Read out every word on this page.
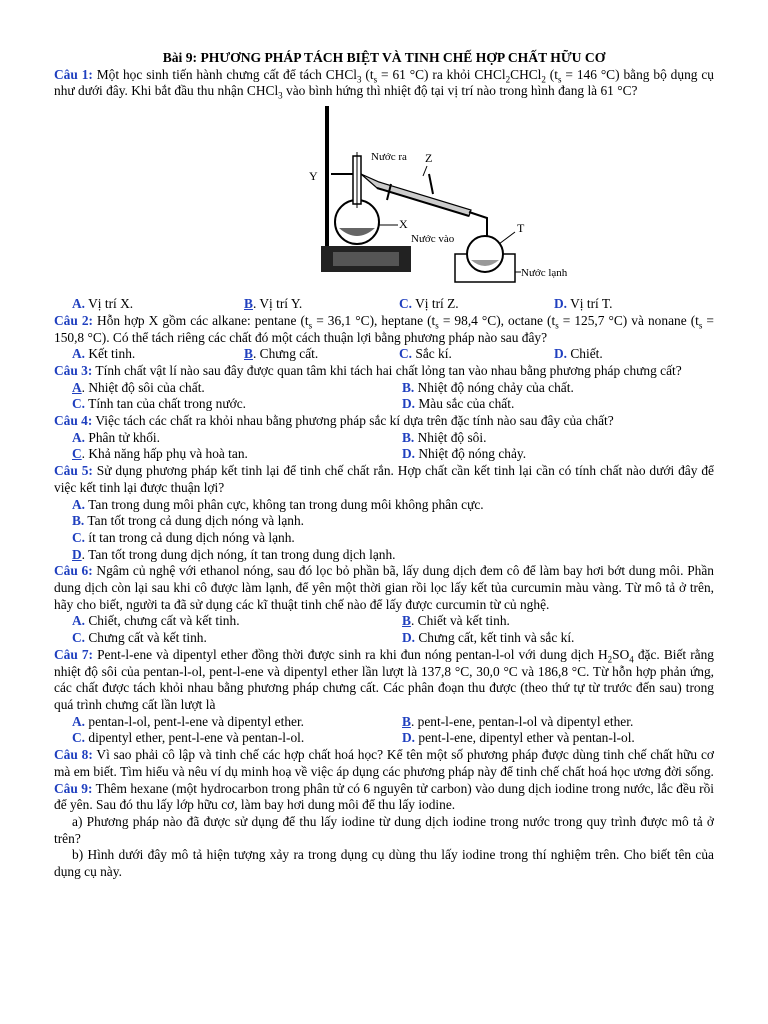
Bài 9: PHƯƠNG PHÁP TÁCH BIỆT VÀ TINH CHẾ HỢP CHẤT HỮU CƠ
Câu 1: Một học sinh tiến hành chưng cất để tách CHCl$_3$ ($t_s = 61$ °C) ra khỏi CHCl$_2$CHCl$_2$ ($t_s = 146$ °C) bằng bộ dụng cụ như dưới đây. Khi bắt đầu thu nhận CHCl$_3$ vào bình hứng thì nhiệt độ tại vị trí nào trong hình đang là 61 °C?
Y
Nước ra Z
X
Nước vào
T
Nước lạnh
A. Vị trí X.	B. Vị trí Y.	C. Vị trí Z.	D. Vị trí T.
Câu 2: Hỗn hợp X gồm các alkane: pentane ($t_s = 36,1$ °C), heptane ($t_s = 98,4$ °C), octane ($t_s = 125,7$ °C) và nonane ($t_s = 150,8$ °C). Có thể tách riêng các chất đó một cách thuận lợi bằng phương pháp nào sau đây?
A. Kết tinh.	B. Chưng cất.	C. Sắc kí.	D. Chiết.
Câu 3: Tính chất vật lí nào sau đây được quan tâm khi tách hai chất lỏng tan vào nhau bằng phương pháp chưng cất?
A. Nhiệt độ sôi của chất.	B. Nhiệt độ nóng chảy của chất.
C. Tính tan của chất trong nước.	D. Màu sắc của chất.
Câu 4: Việc tách các chất ra khỏi nhau bằng phương pháp sắc kí dựa trên đặc tính nào sau đây của chất?
A. Phân tử khối.	B. Nhiệt độ sôi.
C. Khả năng hấp phụ và hoà tan.	D. Nhiệt độ nóng chảy.
Câu 5: Sử dụng phương pháp kết tinh lại để tinh chế chất rắn. Hợp chất cần kết tinh lại cần có tính chất nào dưới đây để việc kết tinh lại được thuận lợi?
A. Tan trong dung môi phân cực, không tan trong dung môi không phân cực.
B. Tan tốt trong cả dung dịch nóng và lạnh.
C. ít tan trong cả dung dịch nóng và lạnh.
D. Tan tốt trong dung dịch nóng, ít tan trong dung dịch lạnh.
Câu 6: Ngâm củ nghệ với ethanol nóng, sau đó lọc bỏ phần bã, lấy dung dịch đem cô để làm bay hơi bớt dung môi. Phần dung dịch còn lại sau khi cô được làm lạnh, để yên một thời gian rồi lọc lấy kết tủa curcumin màu vàng. Từ mô tả ở trên, hãy cho biết, người ta đã sử dụng các kĩ thuật tinh chế nào để lấy được curcumin từ củ nghệ.
A. Chiết, chưng cất và kết tinh.	B. Chiết và kết tinh.
C. Chưng cất và kết tinh.	D. Chưng cất, kết tinh và sắc kí.
Câu 7: Pent-l-ene và dipentyl ether đồng thời được sinh ra khi đun nóng pentan-l-ol với dung dịch $H_2SO_4$ đặc. Biết rằng nhiệt độ sôi của pentan-l-ol, pent-l-ene và dipentyl ether lần lượt là 137,8 °C, 30,0 °C và 186,8 °C. Từ hỗn hợp phản ứng, các chất được tách khỏi nhau bằng phương pháp chưng cất. Các phân đoạn thu được (theo thứ tự từ trước đến sau) trong quá trình chưng cất lần lượt là
A. pentan-l-ol, pent-l-ene và dipentyl ether.	B. pent-l-ene, pentan-l-ol và dipentyl ether.
C. dipentyl ether, pent-l-ene và pentan-l-ol.	D. pent-l-ene, dipentyl ether và pentan-l-ol.
Câu 8: Vì sao phải cô lập và tinh chế các hợp chất hoá học? Kể tên một số phương pháp được dùng tinh chế chất hữu cơ mà em biết. Tìm hiểu và nêu ví dụ minh hoạ về việc áp dụng các phương pháp này để tinh chế chất hoá học ương đời sống.
Câu 9: Thêm hexane (một hydrocarbon trong phân tử có 6 nguyên tử carbon) vào dung dịch iodine trong nước, lắc đều rồi để yên. Sau đó thu lấy lớp hữu cơ, làm bay hơi dung môi để thu lấy iodine.
a) Phương pháp nào đã được sử dụng để thu lấy iodine từ dung dịch iodine trong nước trong quy trình được mô tả ở trên?
b) Hình dưới đây mô tả hiện tượng xảy ra trong dụng cụ dùng thu lấy iodine trong thí nghiệm trên. Cho biết tên của dụng cụ này.
